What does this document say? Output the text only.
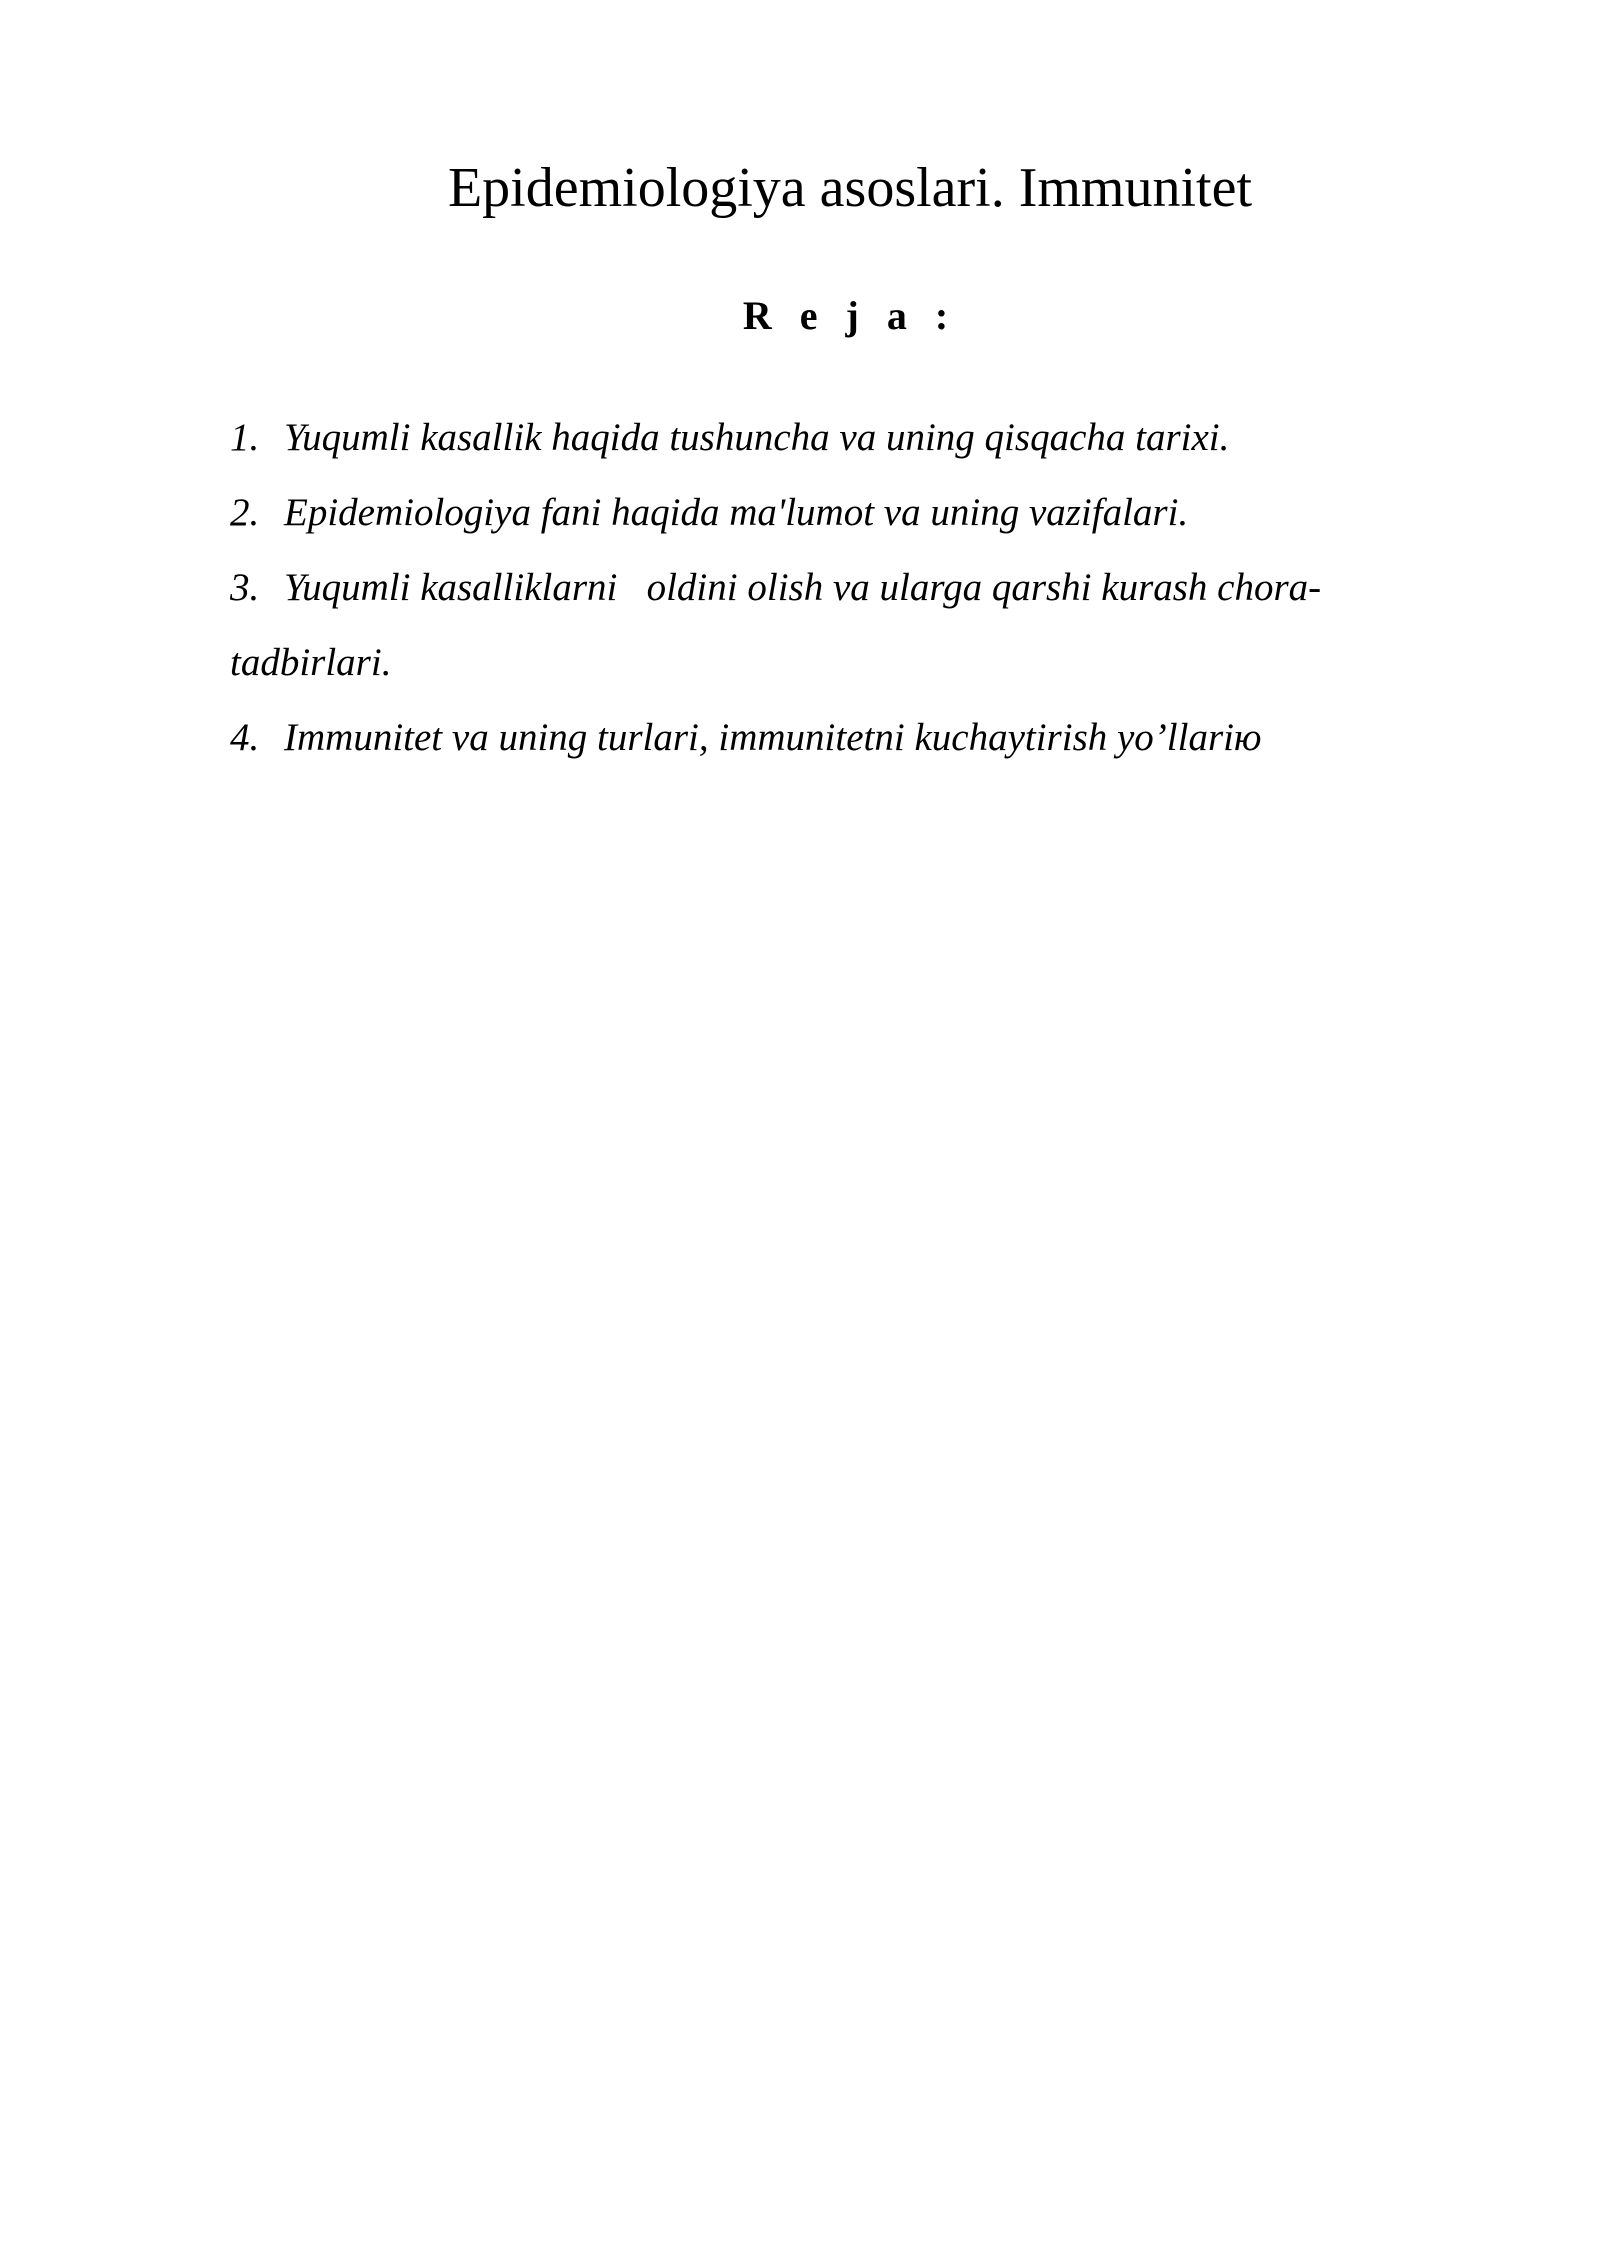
Epidemiologiya asoslari. Immunitet
R e j a :
1. Yuqumli kasallik haqida tushuncha va uning qisqacha tarixi.
2. Epidemiologiya fani haqida ma'lumot va uning vazifalari.
3. Yuqumli kasalliklarni   oldini olish va ularga qarshi kurash chora-tadbirlari.
4. Immunitet va uning turlari, immunitetni kuchaytirish yo’llariю
